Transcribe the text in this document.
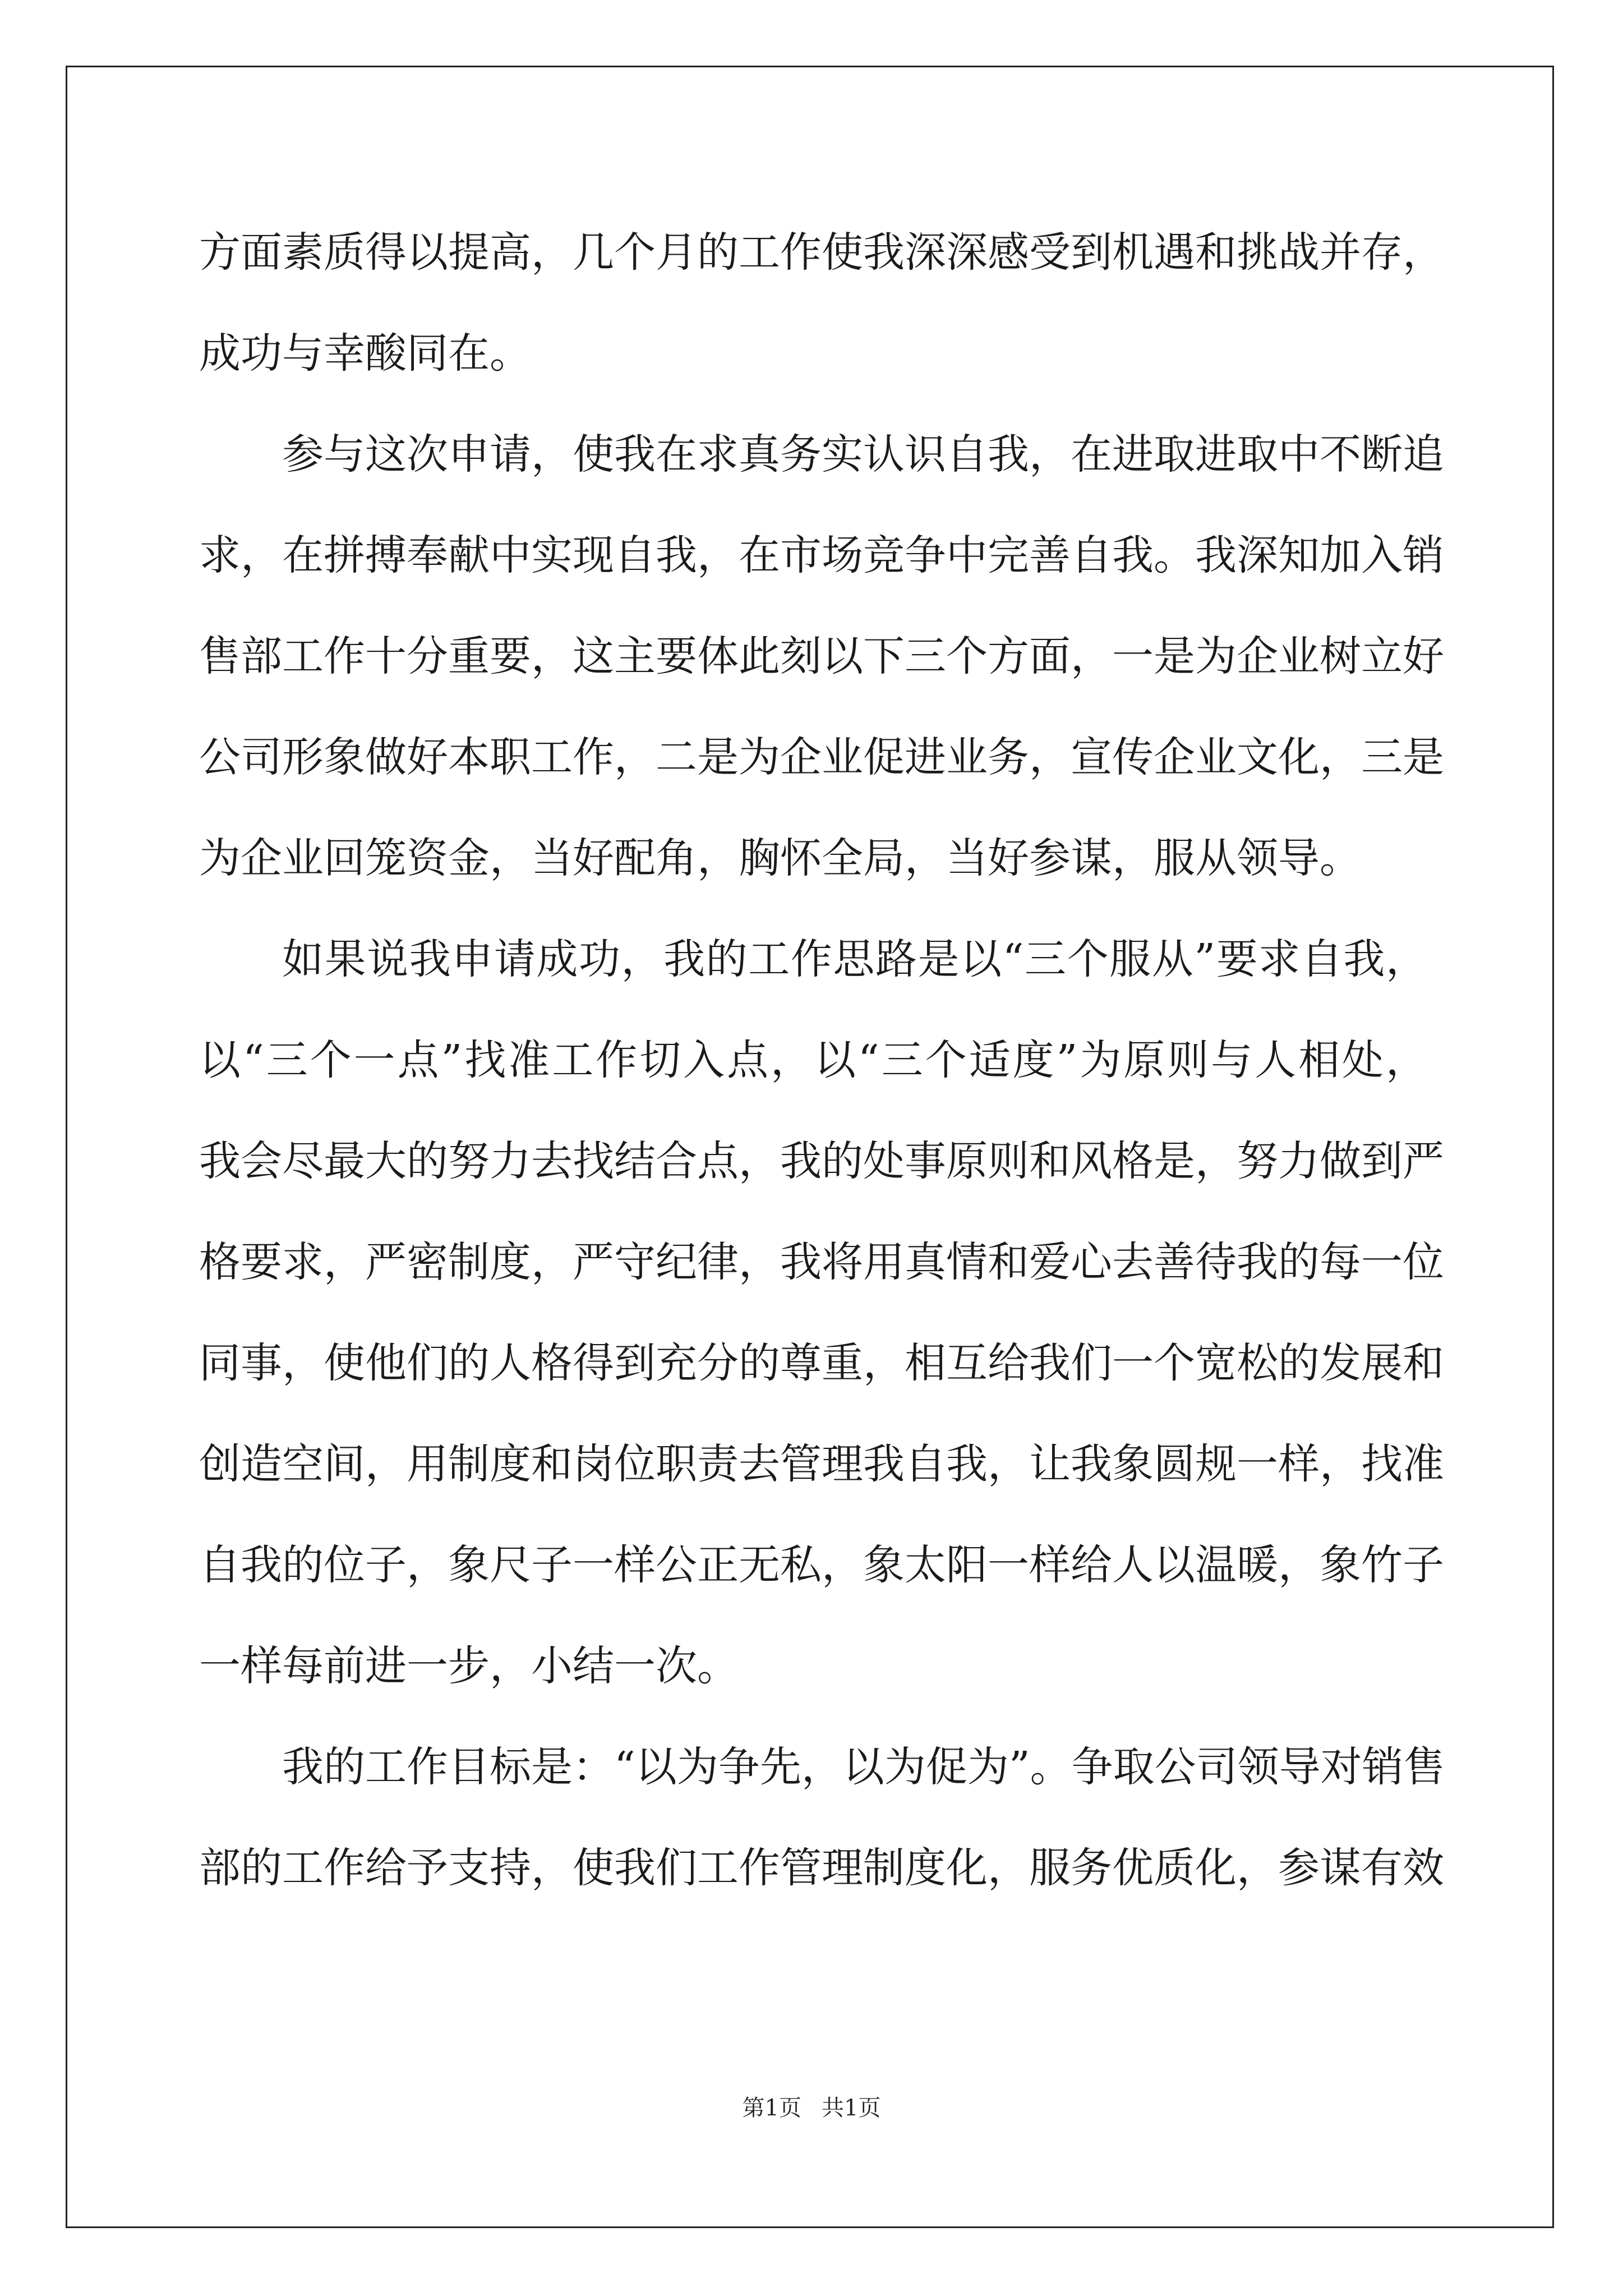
方面素质得以提高，几个月的工作使我深深感受到机遇和挑战并存，
成功与幸酸同在。
参与这次申请，使我在求真务实认识自我，在进取进取中不断追
求，在拼搏奉献中实现自我，在市场竞争中完善自我。我深知加入销
售部工作十分重要，这主要体此刻以下三个方面，一是为企业树立好
公司形象做好本职工作，二是为企业促进业务，宣传企业文化，三是
为企业回笼资金，当好配角，胸怀全局，当好参谋，服从领导。
如果说我申请成功，我的工作思路是以“三个服从”要求自我，
以“三个一点”找准工作切入点，以“三个适度”为原则与人相处，
我会尽最大的努力去找结合点，我的处事原则和风格是，努力做到严
格要求，严密制度，严守纪律，我将用真情和爱心去善待我的每一位
同事，使他们的人格得到充分的尊重，相互给我们一个宽松的发展和
创造空间，用制度和岗位职责去管理我自我，让我象圆规一样，找准
自我的位子，象尺子一样公正无私，象太阳一样给人以温暖，象竹子
一样每前进一步，小结一次。
我的工作目标是：“以为争先，以为促为”。争取公司领导对销售
部的工作给予支持，使我们工作管理制度化，服务优质化，参谋有效
第1页 共1页
